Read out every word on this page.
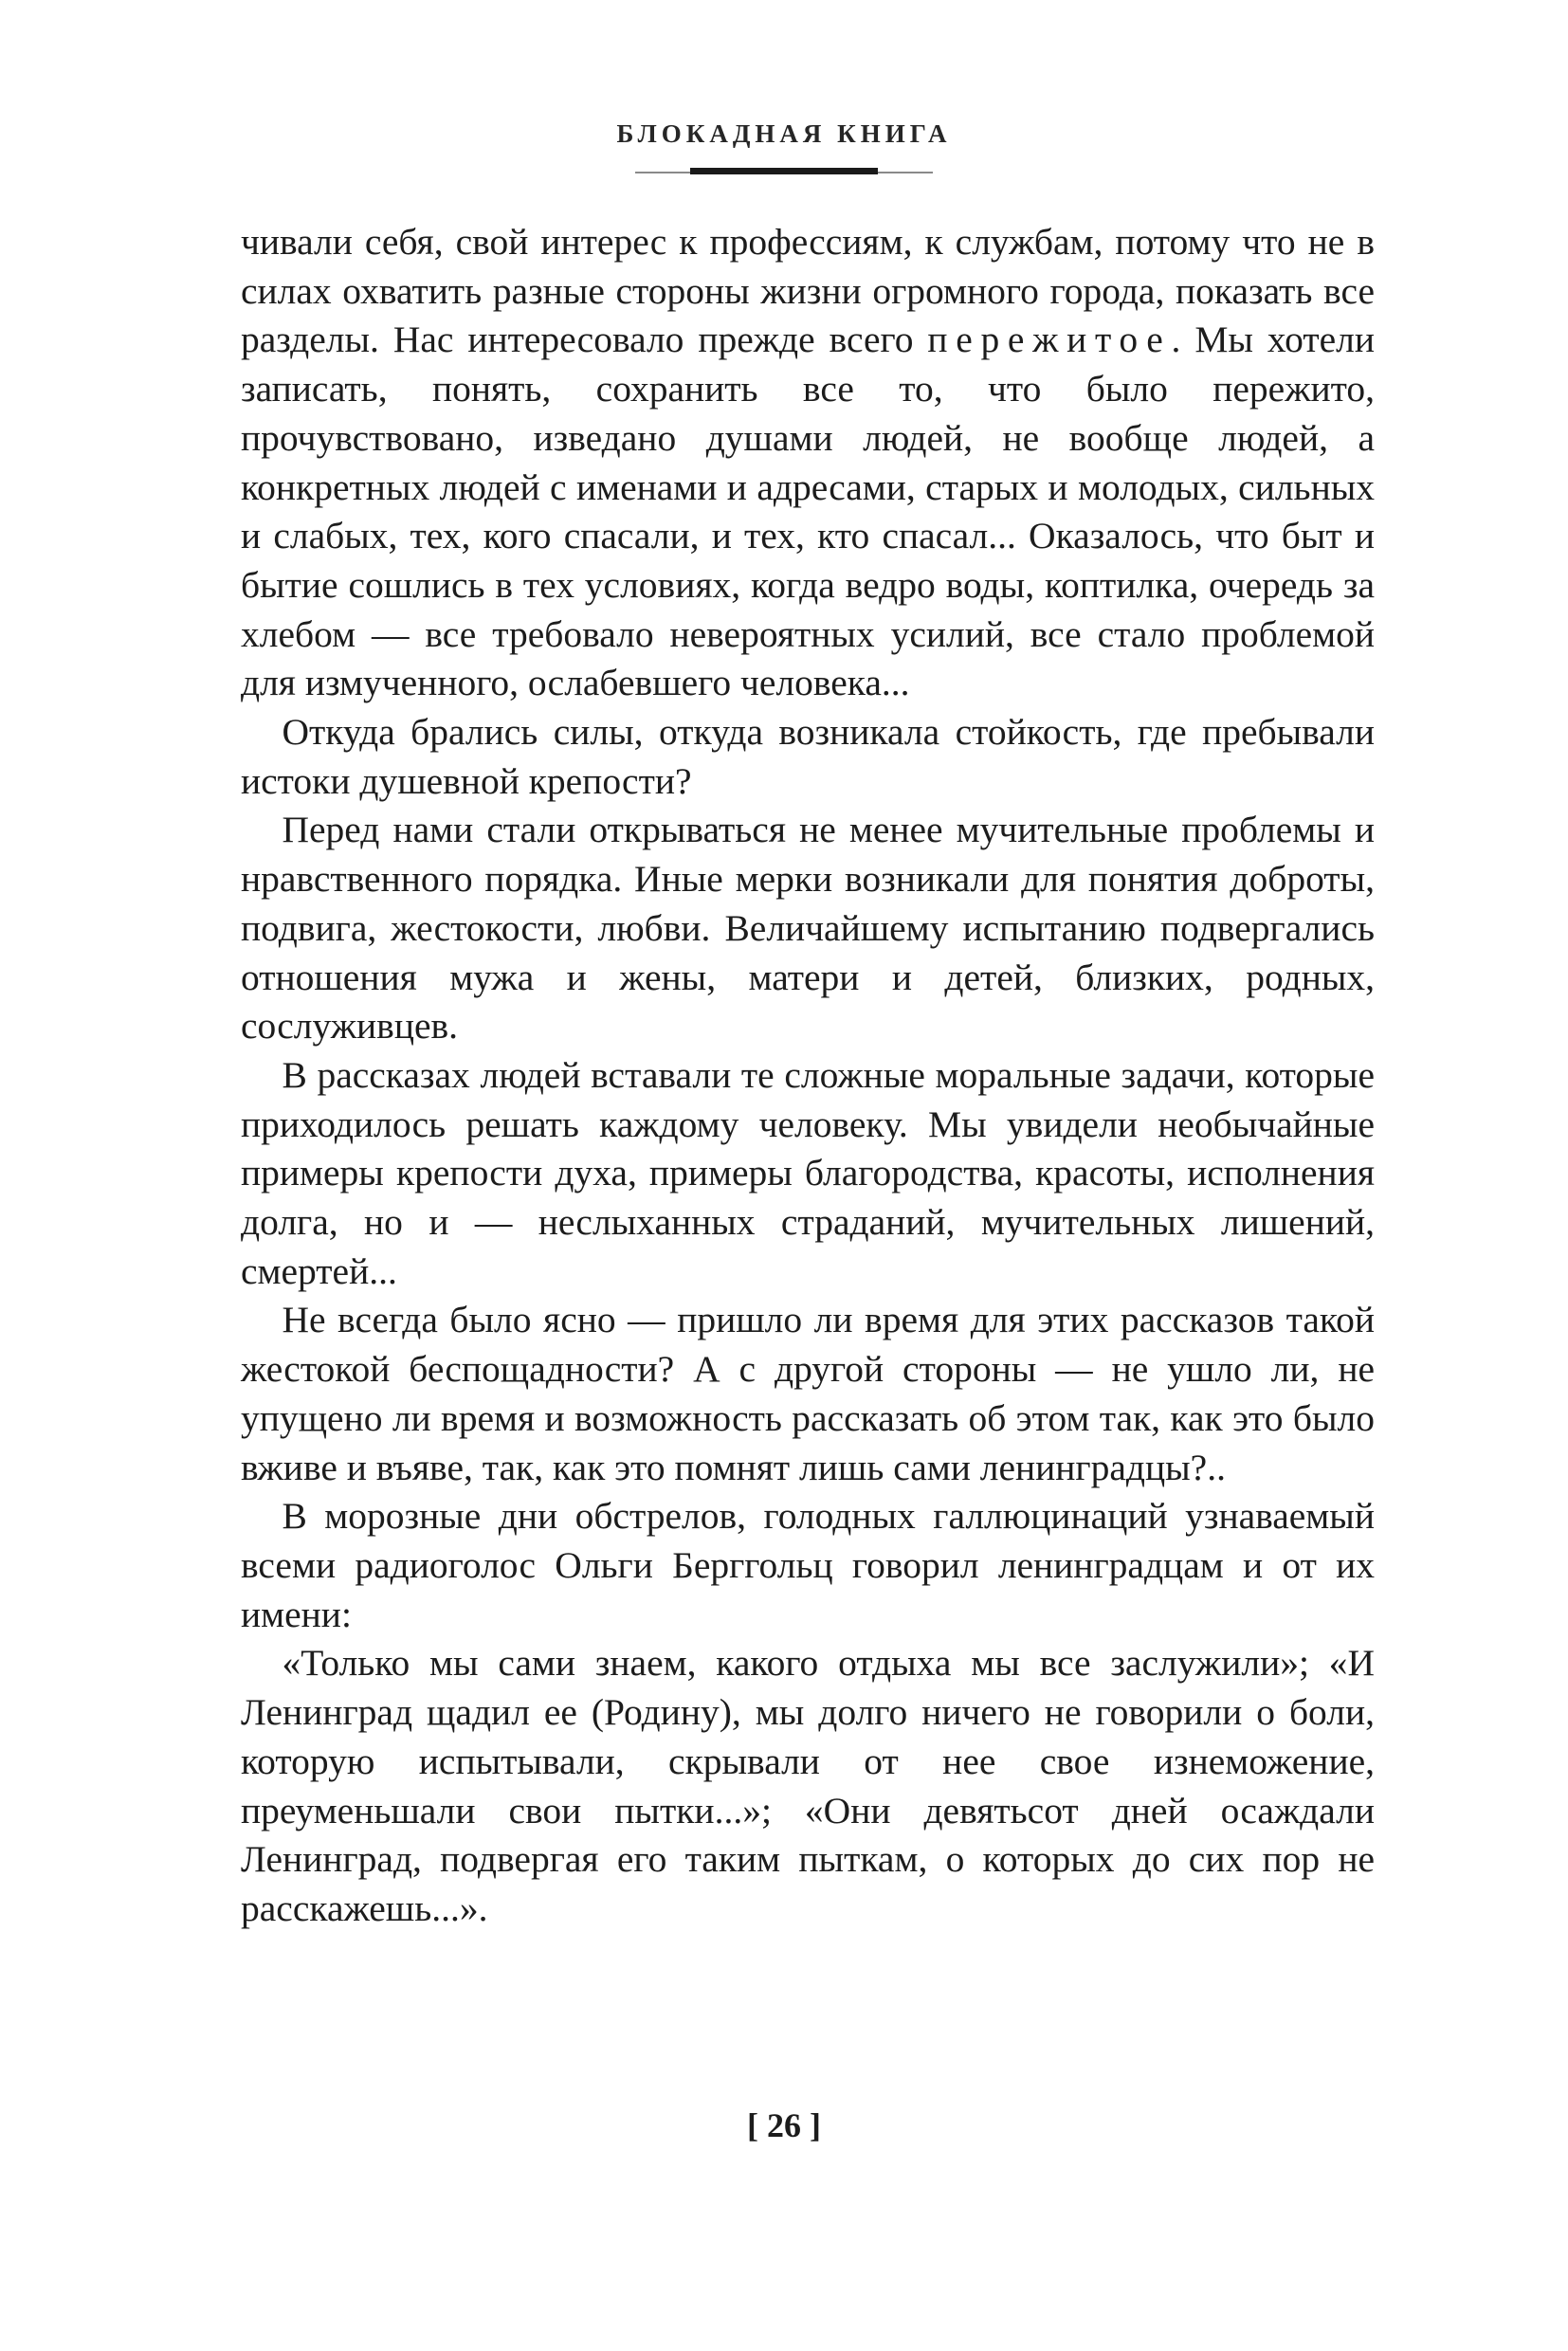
БЛОКАДНАЯ КНИГА

чивали себя, свой интерес к профессиям, к службам, потому что не в силах охватить разные стороны жизни огромного города, показать все разделы. Нас интересовало прежде всего пережитое. Мы хотели записать, понять, сохранить все то, что было пережито, прочувствовано, изведано душами людей, не вообще людей, а конкретных людей с именами и адресами, старых и молодых, сильных и слабых, тех, кого спасали, и тех, кто спасал... Оказалось, что быт и бытие сошлись в тех условиях, когда ведро воды, коптилка, очередь за хлебом — все требовало невероятных усилий, все стало проблемой для измученного, ослабевшего человека...

Откуда брались силы, откуда возникала стойкость, где пребывали истоки душевной крепости?

Перед нами стали открываться не менее мучительные проблемы и нравственного порядка. Иные мерки возникали для понятия доброты, подвига, жестокости, любви. Величайшему испытанию подвергались отношения мужа и жены, матери и детей, близких, родных, сослуживцев.

В рассказах людей вставали те сложные моральные задачи, которые приходилось решать каждому человеку. Мы увидели необычайные примеры крепости духа, примеры благородства, красоты, исполнения долга, но и — неслыханных страданий, мучительных лишений, смертей...

Не всегда было ясно — пришло ли время для этих рассказов такой жестокой беспощадности? А с другой стороны — не ушло ли, не упущено ли время и возможность рассказать об этом так, как это было вживе и въяве, так, как это помнят лишь сами ленинградцы?..

В морозные дни обстрелов, голодных галлюцинаций узнаваемый всеми радиоголос Ольги Берггольц говорил ленинградцам и от их имени:

«Только мы сами знаем, какого отдыха мы все заслужили»; «И Ленинград щадил ее (Родину), мы долго ничего не говорили о боли, которую испытывали, скрывали от нее свое изнеможение, преуменьшали свои пытки...»; «Они девятьсот дней осаждали Ленинград, подвергая его таким пыткам, о которых до сих пор не расскажешь...».

[ 26 ]
